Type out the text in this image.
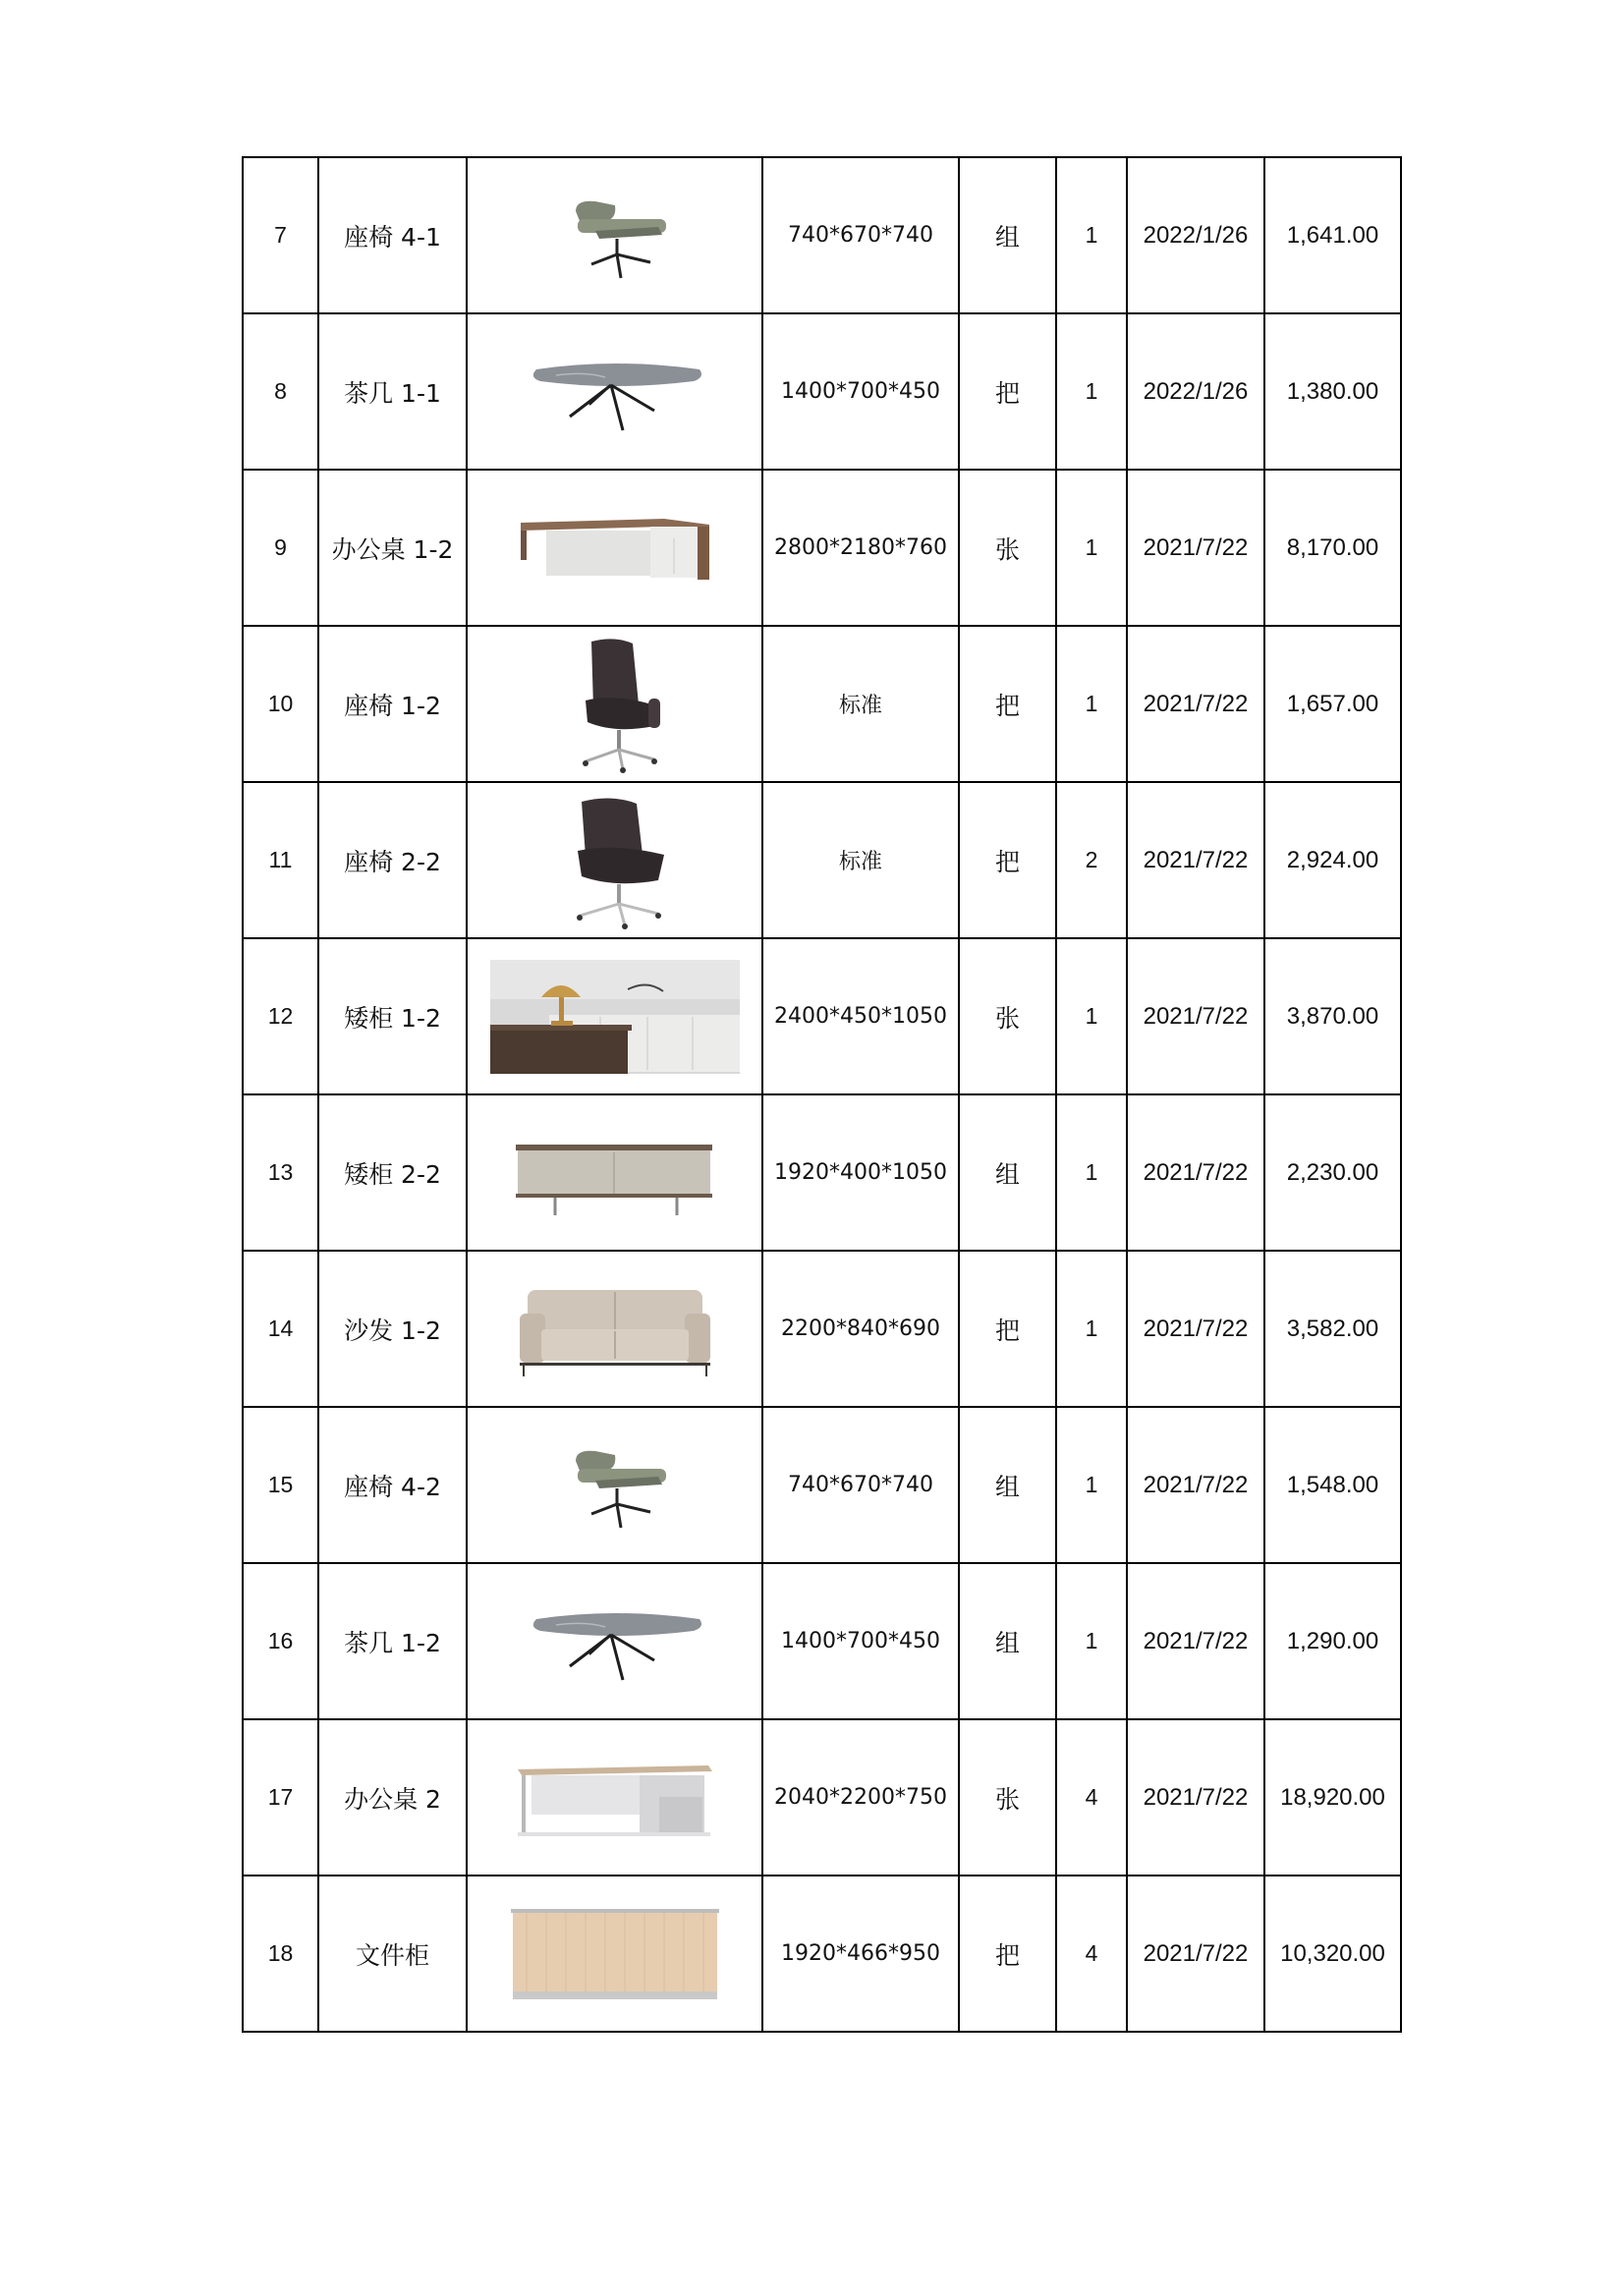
7	座椅 4-1		740*670*740	组	1	2022/1/26	1,641.00
8	茶几 1-1		1400*700*450	把	1	2022/1/26	1,380.00
9	办公桌 1-2		2800*2180*760	张	1	2021/7/22	8,170.00
10	座椅 1-2		标准	把	1	2021/7/22	1,657.00
11	座椅 2-2		标准	把	2	2021/7/22	2,924.00
12	矮柜 1-2		2400*450*1050	张	1	2021/7/22	3,870.00
13	矮柜 2-2		1920*400*1050	组	1	2021/7/22	2,230.00
14	沙发 1-2		2200*840*690	把	1	2021/7/22	3,582.00
15	座椅 4-2		740*670*740	组	1	2021/7/22	1,548.00
16	茶几 1-2		1400*700*450	组	1	2021/7/22	1,290.00
17	办公桌 2		2040*2200*750	张	4	2021/7/22	18,920.00
18	文件柜		1920*466*950	把	4	2021/7/22	10,320.00
